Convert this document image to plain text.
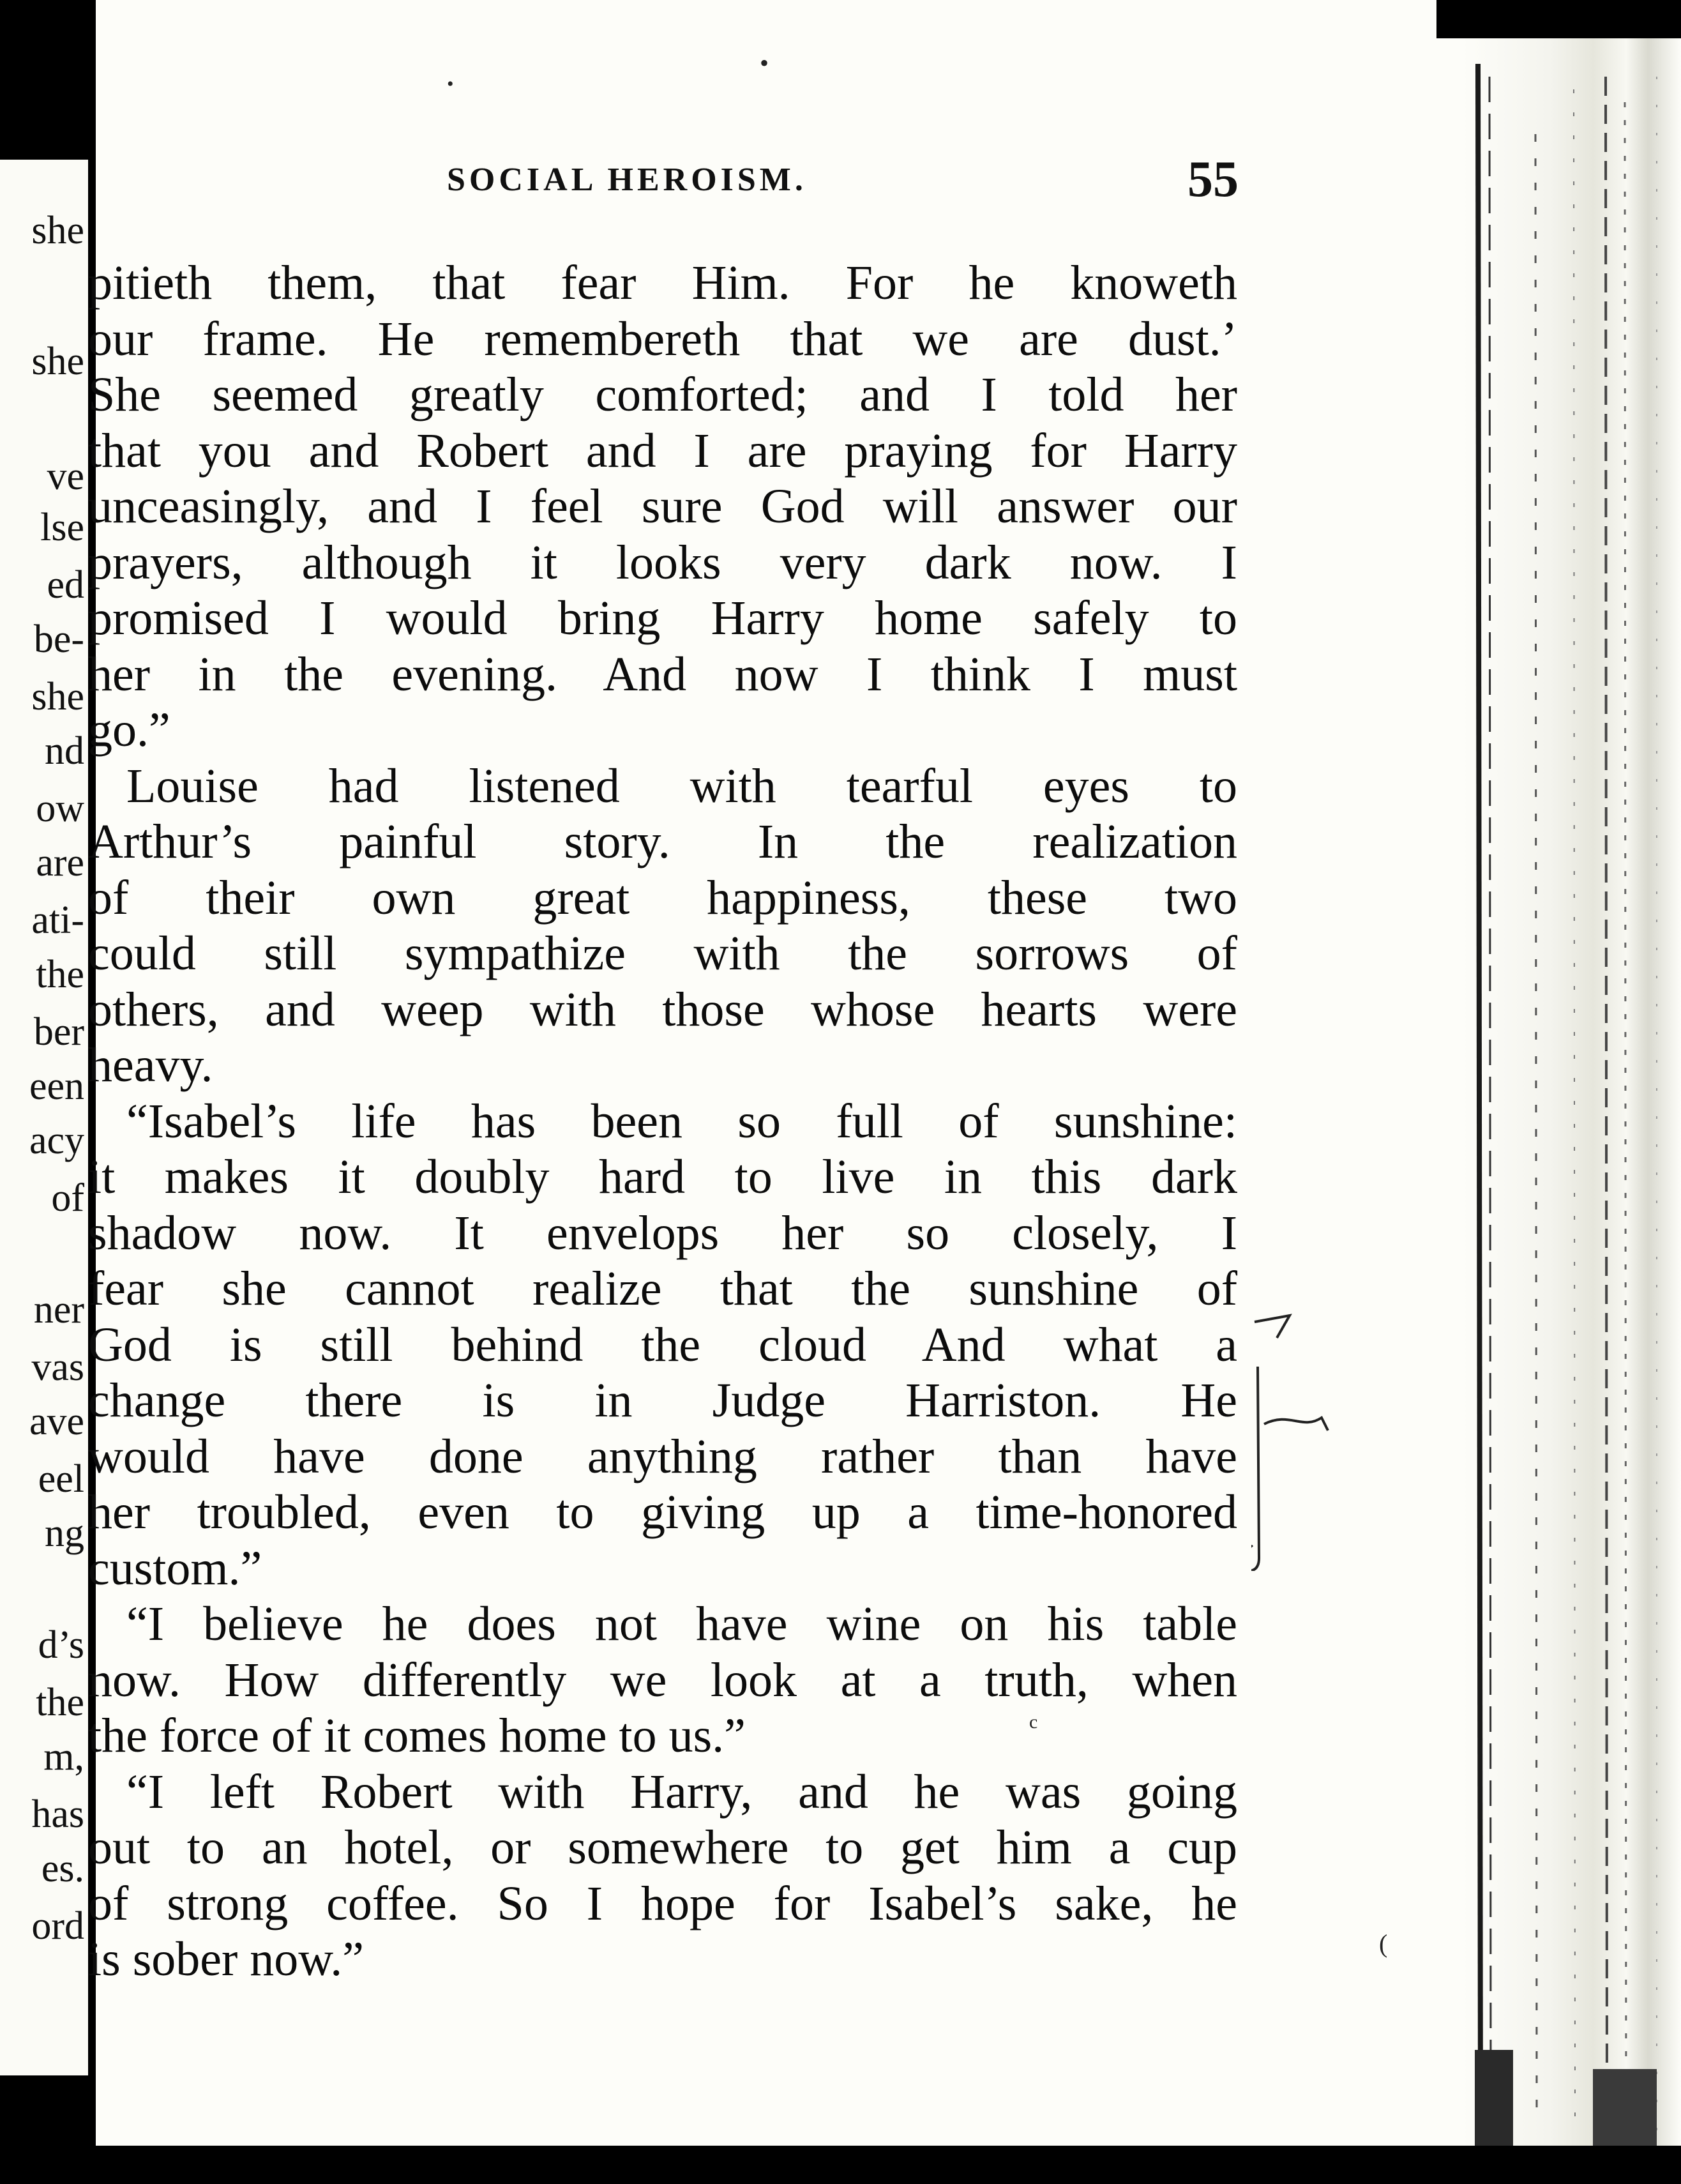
she
she
ve
lse
ed
be-
she
nd
ow
are
ati-
the
ber
een
acy
of
ner
vas
ave
eel
ng
d’s
the
m,
has
es.
ord
SOCIAL HEROISM.	55
pitieth them, that fear Him. For he knoweth
our frame. He remembereth that we are dust.’
She seemed greatly comforted; and I told her
that you and Robert and I are praying for Harry
unceasingly, and I feel sure God will answer our
prayers, although it looks very dark now. I
promised I would bring Harry home safely to
her in the evening. And now I think I must
go.”
Louise had listened with tearful eyes to
Arthur’s painful story. In the realization
of their own great happiness, these two
could still sympathize with the sorrows of
others, and weep with those whose hearts were
heavy.
“Isabel’s life has been so full of sunshine:
it makes it doubly hard to live in this dark
shadow now. It envelops her so closely, I
fear she cannot realize that the sunshine of
God is still behind the cloud And what a
change there is in Judge Harriston. He
would have done anything rather than have
her troubled, even to giving up a time-honored
custom.”
“I believe he does not have wine on his table
now. How differently we look at a truth, when
the force of it comes home to us.”
“I left Robert with Harry, and he was going
out to an hotel, or somewhere to get him a cup
of strong coffee. So I hope for Isabel’s sake, he
is sober now.”
•
•
c
(
